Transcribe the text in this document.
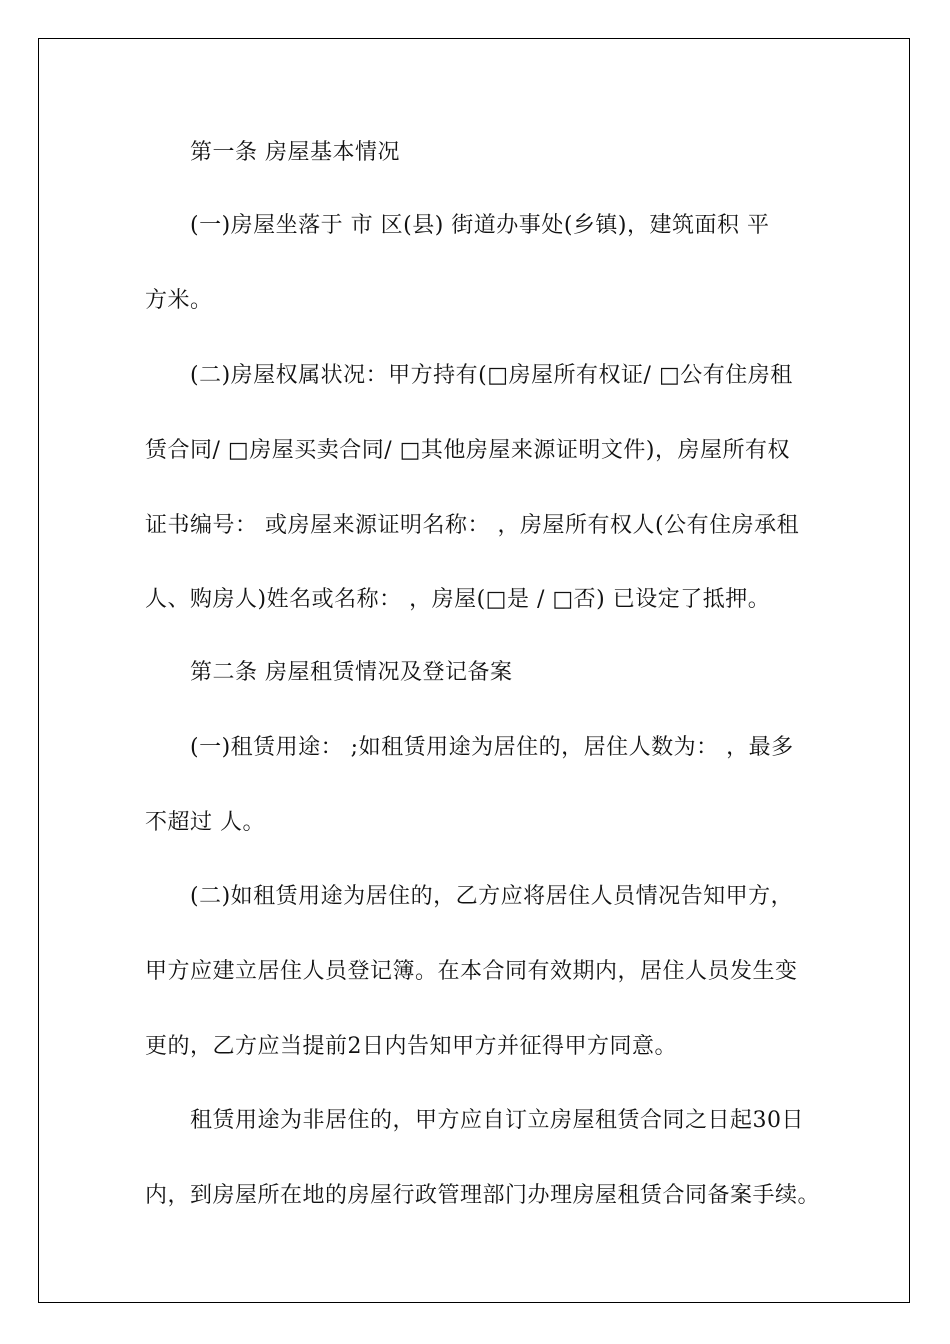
第一条 房屋基本情况
(一)房屋坐落于 市 区(县) 街道办事处(乡镇)，建筑面积 平
方米。
(二)房屋权属状况：甲方持有(□房屋所有权证/ □公有住房租
赁合同/ □房屋买卖合同/ □其他房屋来源证明文件)，房屋所有权
证书编号： 或房屋来源证明名称： ，房屋所有权人(公有住房承租
人、购房人)姓名或名称： ，房屋(□是 / □否) 已设定了抵押。
第二条 房屋租赁情况及登记备案
(一)租赁用途： ;如租赁用途为居住的，居住人数为： ，最多
不超过 人。
(二)如租赁用途为居住的，乙方应将居住人员情况告知甲方，
甲方应建立居住人员登记簿。在本合同有效期内，居住人员发生变
更的，乙方应当提前2日内告知甲方并征得甲方同意。
租赁用途为非居住的，甲方应自订立房屋租赁合同之日起30日
内，到房屋所在地的房屋行政管理部门办理房屋租赁合同备案手续。
